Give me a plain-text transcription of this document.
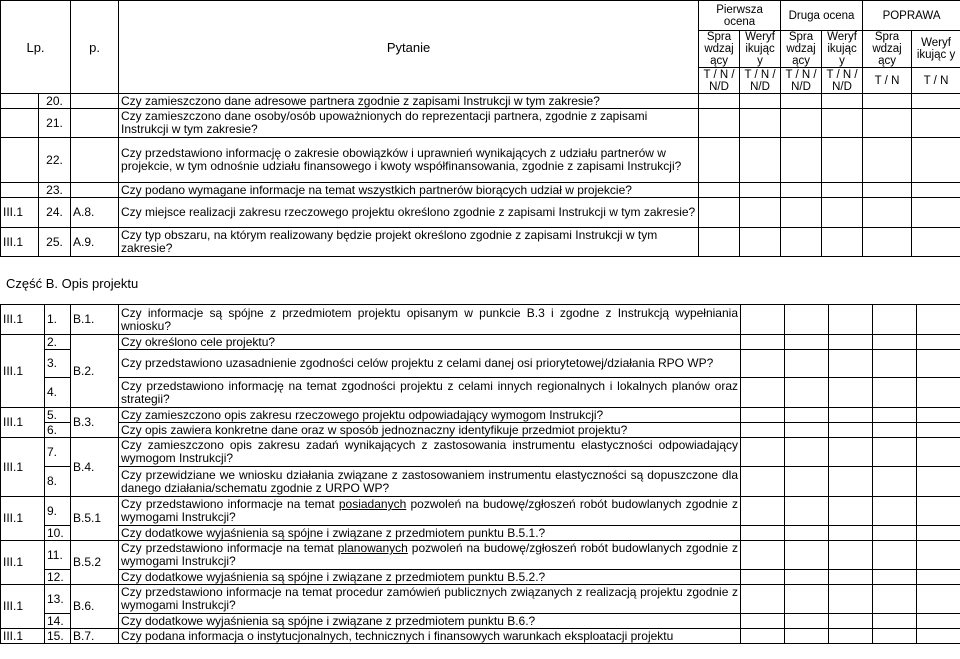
Lp.		p.	Pytanie	Pierwsza ocena		Druga ocena		POPRAWA	
				Spra wdzaj ący	Weryf ikując y	Spra wdzaj ący	Weryf ikując y	Spra wdzaj ący	Weryf ikując y
				T / N / N/D	T / N / N/D	T / N / N/D	T / N / N/D	T / N	T / N
	20.		Czy zamieszczono dane adresowe partnera zgodnie z zapisami Instrukcji w tym zakresie?						
	21.		Czy zamieszczono dane osoby/osób upoważnionych do reprezentacji partnera, zgodnie z zapisami Instrukcji w tym zakresie?						
	22.		Czy przedstawiono informację o zakresie obowiązków i uprawnień wynikających z udziału partnerów w projekcie, w tym odnośnie udziału finansowego i kwoty współfinansowania, zgodnie z zapisami Instrukcji?						
	23.		Czy podano wymagane informacje na temat wszystkich partnerów biorących udział w projekcie?						
III.1	24.	A.8.	Czy miejsce realizacji zakresu rzeczowego projektu określono zgodnie z zapisami Instrukcji w tym zakresie?						
III.1	25.	A.9.	Czy typ obszaru, na którym realizowany będzie projekt określono zgodnie z zapisami Instrukcji w tym zakresie?						
Część B. Opis projektu
III.1	1.	B.1.	Czy informacje są spójne z przedmiotem projektu opisanym w punkcie B.3 i zgodne z Instrukcją wypełniania wniosku?					
III.1	2.	B.2.	Czy określono cele projektu?					
	3.		Czy przedstawiono uzasadnienie zgodności celów projektu z celami danej osi priorytetowej/działania RPO WP?					
	4.		Czy przedstawiono informację na temat zgodności projektu z celami innych regionalnych i lokalnych planów oraz strategii?					
III.1	5.	B.3.	Czy zamieszczono opis zakresu rzeczowego projektu odpowiadający wymogom Instrukcji?					
	6.		Czy opis zawiera konkretne dane oraz w sposób jednoznaczny identyfikuje przedmiot projektu?					
III.1	7.	B.4.	Czy zamieszczono opis zakresu zadań wynikających z zastosowania instrumentu elastyczności odpowiadający wymogom Instrukcji?					
	8.		Czy przewidziane we wniosku działania związane z zastosowaniem instrumentu elastyczności są dopuszczone dla danego działania/schematu zgodnie z URPO WP?					
III.1	9.	B.5.1	Czy przedstawiono informacje na temat posiadanych pozwoleń na budowę/zgłoszeń robót budowlanych zgodnie z wymogami Instrukcji?					
	10.		Czy dodatkowe wyjaśnienia są spójne i związane z przedmiotem punktu B.5.1.?					
III.1	11.	B.5.2	Czy przedstawiono informacje na temat planowanych pozwoleń na budowę/zgłoszeń robót budowlanych zgodnie z wymogami Instrukcji?					
	12.		Czy dodatkowe wyjaśnienia są spójne i związane z przedmiotem punktu B.5.2.?					
III.1	13.	B.6.	Czy przedstawiono informacje na temat procedur zamówień publicznych związanych z realizacją projektu zgodnie z wymogami Instrukcji?					
	14.		Czy dodatkowe wyjaśnienia są spójne i związane z przedmiotem punktu B.6.?					
III.1	15.	B.7.	Czy podana informacja o instytucjonalnych, technicznych i finansowych warunkach eksploatacji projektu					
